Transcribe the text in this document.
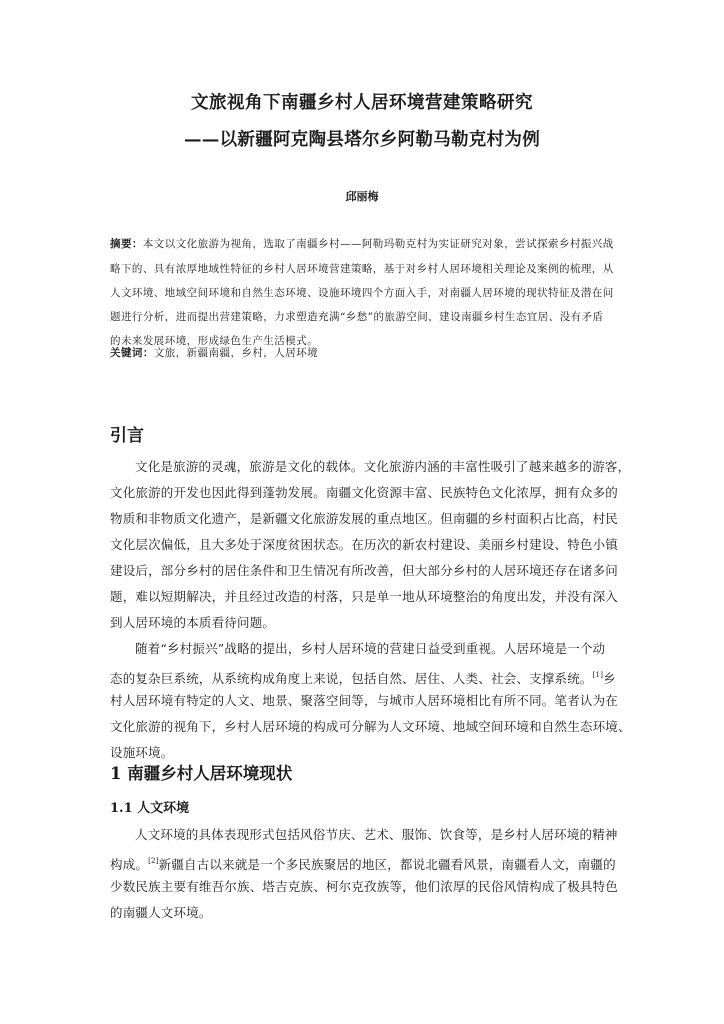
文旅视角下南疆乡村人居环境营建策略研究
——以新疆阿克陶县塔尔乡阿勒马勒克村为例
邱丽梅
摘要：本文以文化旅游为视角，选取了南疆乡村——阿勒玛勒克村为实证研究对象，尝试探索乡村振兴战
略下的、具有浓厚地域性特征的乡村人居环境营建策略，基于对乡村人居环境相关理论及案例的梳理，从
人文环境、地域空间环境和自然生态环境、设施环境四个方面入手，对南疆人居环境的现状特征及潜在问
题进行分析，进而提出营建策略，力求塑造充满“乡愁”的旅游空间，建设南疆乡村生态宜居、没有矛盾
的未来发展环境，形成绿色生产生活模式。
关键词：文旅，新疆南疆，乡村，人居环境
引言
文化是旅游的灵魂，旅游是文化的载体。文化旅游内涵的丰富性吸引了越来越多的游客，
文化旅游的开发也因此得到蓬勃发展。南疆文化资源丰富、民族特色文化浓厚，拥有众多的
物质和非物质文化遗产，是新疆文化旅游发展的重点地区。但南疆的乡村面积占比高，村民
文化层次偏低，且大多处于深度贫困状态。在历次的新农村建设、美丽乡村建设、特色小镇
建设后，部分乡村的居住条件和卫生情况有所改善，但大部分乡村的人居环境还存在诸多问
题，难以短期解决，并且经过改造的村落，只是单一地从环境整治的角度出发，并没有深入
到人居环境的本质看待问题。
随着“乡村振兴”战略的提出，乡村人居环境的营建日益受到重视。人居环境是一个动
态的复杂巨系统，从系统构成角度上来说，包括自然、居住、人类、社会、支撑系统。[1]乡
村人居环境有特定的人文、地景、聚落空间等，与城市人居环境相比有所不同。笔者认为在
文化旅游的视角下，乡村人居环境的构成可分解为人文环境、地域空间环境和自然生态环境、
设施环境。
1 南疆乡村人居环境现状
1.1 人文环境
人文环境的具体表现形式包括风俗节庆、艺术、服饰、饮食等，是乡村人居环境的精神
构成。[2]新疆自古以来就是一个多民族聚居的地区，都说北疆看风景，南疆看人文，南疆的
少数民族主要有维吾尔族、塔吉克族、柯尔克孜族等，他们浓厚的民俗风情构成了极具特色
的南疆人文环境。
